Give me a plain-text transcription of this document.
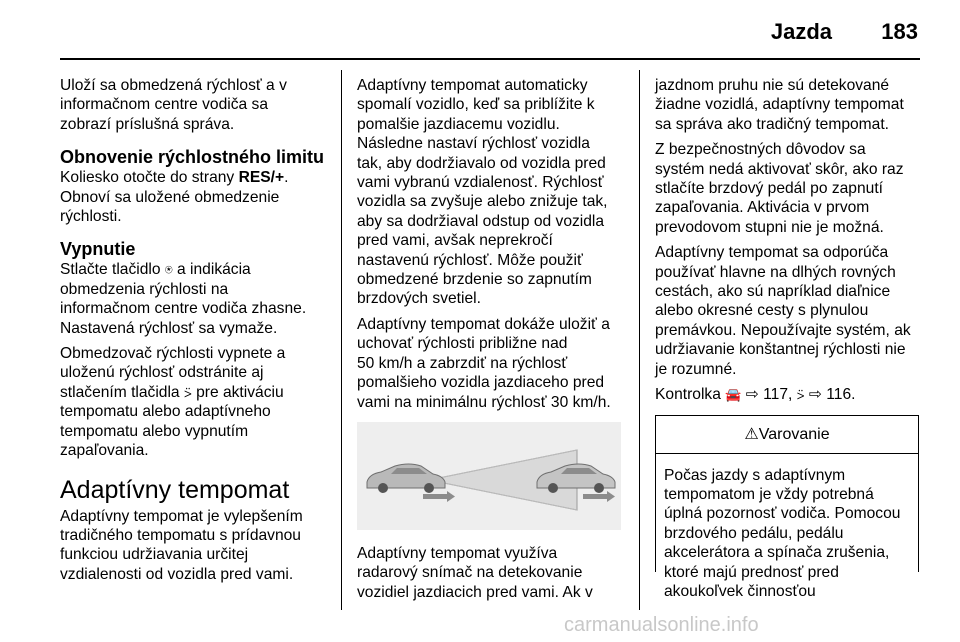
Jazda 183
Uloží sa obmedzená rýchlosť a v
informačnom centre vodiča sa
zobrazí príslušná správa.
Obnovenie rýchlostného limitu
Koliesko otočte do strany RES/+.
Obnoví sa uložené obmedzenie
rýchlosti.
Vypnutie
Stlačte tlačidlo ⍟ a indikácia
obmedzenia rýchlosti na
informačnom centre vodiča zhasne.
Nastavená rýchlosť sa vymaže.
Obmedzovač rýchlosti vypnete a
uloženú rýchlosť odstránite aj
stlačením tlačidla ⍩ pre aktiváciu
tempomatu alebo adaptívneho
tempomatu alebo vypnutím
zapaľovania.
Adaptívny tempomat
Adaptívny tempomat je vylepšením
tradičného tempomatu s prídavnou
funkciou udržiavania určitej
vzdialenosti od vozidla pred vami.
Adaptívny tempomat automaticky
spomalí vozidlo, keď sa priblížite k
pomalšie jazdiacemu vozidlu.
Následne nastaví rýchlosť vozidla
tak, aby dodržiavalo od vozidla pred
vami vybranú vzdialenosť. Rýchlosť
vozidla sa zvyšuje alebo znižuje tak,
aby sa dodržiaval odstup od vozidla
pred vami, avšak neprekročí
nastavenú rýchlosť. Môže použiť
obmedzené brzdenie so zapnutím
brzdových svetiel.
Adaptívny tempomat dokáže uložiť a
uchovať rýchlosti približne nad
50 km/h a zabrzdiť na rýchlosť
pomalšieho vozidla jazdiaceho pred
vami na minimálnu rýchlosť 30 km/h.
Adaptívny tempomat využíva
radarový snímač na detekovanie
vozidiel jazdiacich pred vami. Ak v
jazdnom pruhu nie sú detekované
žiadne vozidlá, adaptívny tempomat
sa správa ako tradičný tempomat.
Z bezpečnostných dôvodov sa
systém nedá aktivovať skôr, ako raz
stlačíte brzdový pedál po zapnutí
zapaľovania. Aktivácia v prvom
prevodovom stupni nie je možná.
Adaptívny tempomat sa odporúča
používať hlavne na dlhých rovných
cestách, ako sú napríklad diaľnice
alebo okresné cesty s plynulou
premávkou. Nepoužívajte systém, ak
udržiavanie konštantnej rýchlosti nie
je rozumné.
Kontrolka 🚘 ⇨ 117, ⍩ ⇨ 116.
⚠Varovanie
Počas jazdy s adaptívnym
tempomatom je vždy potrebná
úplná pozornosť vodiča. Pomocou
brzdového pedálu, pedálu
akcelerátora a spínača zrušenia,
ktoré majú prednosť pred
akoukoľvek činnosťou
carmanualsonline.info
